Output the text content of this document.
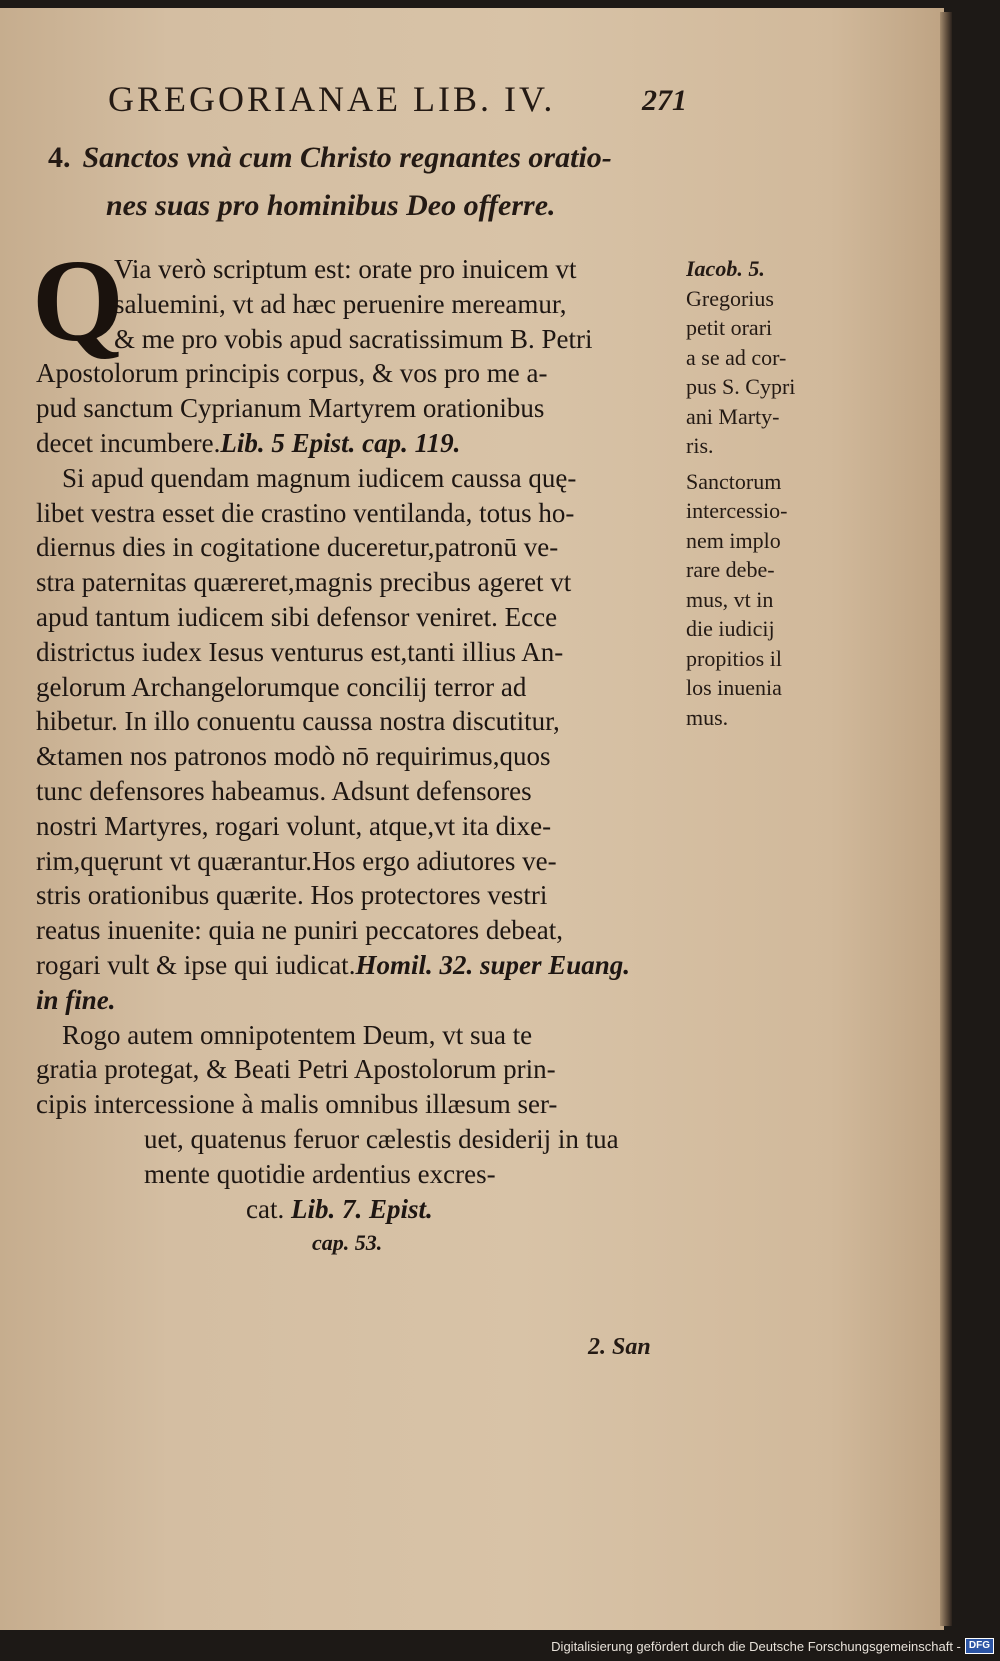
GREGORIANAE LIB. IV.	271
4. Sanctos vnà cum Christo regnantes oratio-
nes suas pro hominibus Deo offerre.
Q
Via verò scriptum est: orate pro inuicem vt
saluemini, vt ad hæc peruenire mereamur,
& me pro vobis apud sacratissimum B. Petri
Apostolorum principis corpus, & vos pro me a-
pud sanctum Cyprianum Martyrem orationibus
decet incumbere.Lib. 5 Epist. cap. 119.
Si apud quendam magnum iudicem caussa quę-
libet vestra esset die crastino ventilanda, totus ho-
diernus dies in cogitatione duceretur,patronū ve-
stra paternitas quæreret,magnis precibus ageret vt
apud tantum iudicem sibi defensor veniret. Ecce
districtus iudex Iesus venturus est,tanti illius An-
gelorum Archangelorumque concilij terror ad
hibetur. In illo conuentu caussa nostra discutitur,
&tamen nos patronos modò nō requirimus,quos
tunc defensores habeamus. Adsunt defensores
nostri Martyres, rogari volunt, atque,vt ita dixe-
rim,quęrunt vt quærantur.Hos ergo adiutores ve-
stris orationibus quærite. Hos protectores vestri
reatus inuenite: quia ne puniri peccatores debeat,
rogari vult & ipse qui iudicat.Homil. 32. super Euang.
in fine.
Rogo autem omnipotentem Deum, vt sua te
gratia protegat, & Beati Petri Apostolorum prin-
cipis intercessione à malis omnibus illæsum ser-
uet, quatenus feruor cælestis desiderij in tua
mente quotidie ardentius excres-
cat. Lib. 7. Epist.
cap. 53.
Iacob. 5.
Gregorius
petit orari
a se ad cor-
pus S. Cypri
ani Marty-
ris.
Sanctorum
intercessio-
nem implo
rare debe-
mus, vt in
die iudicij
propitios il
los inuenia
mus.
2. San
Digitalisierung gefördert durch die Deutsche Forschungsgemeinschaft - DFG
